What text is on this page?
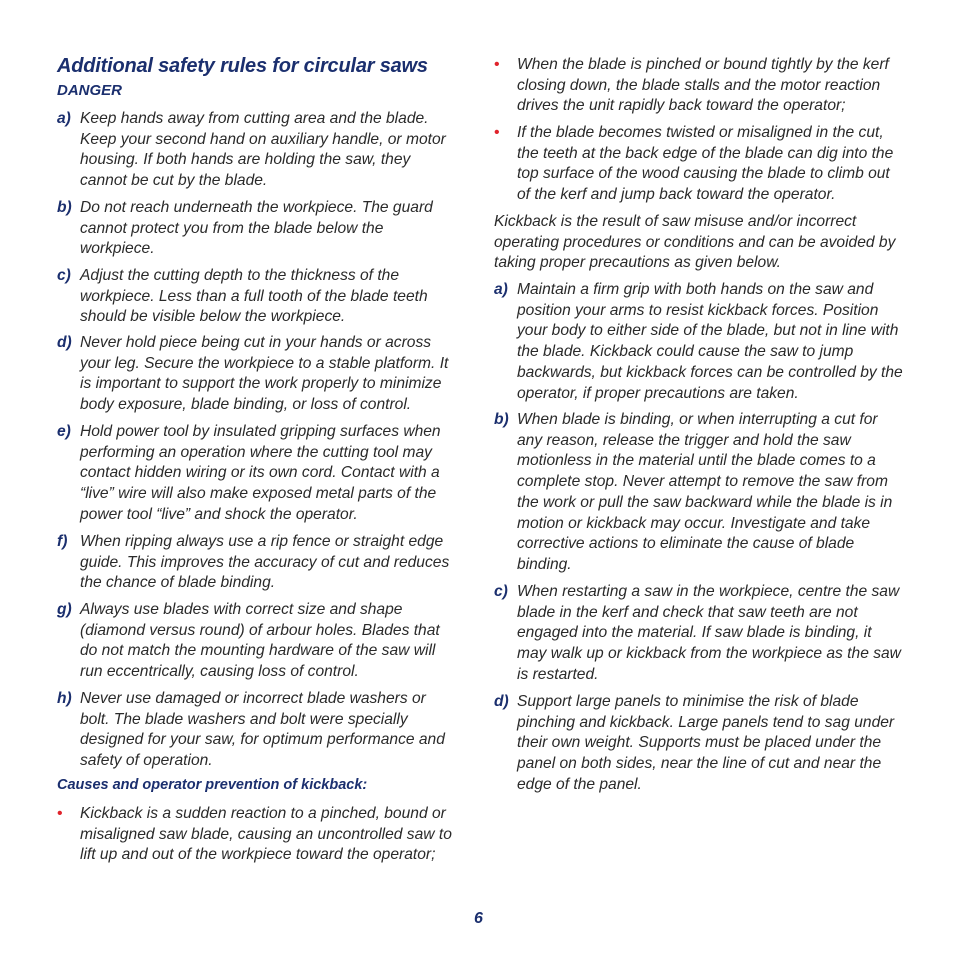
Additional safety rules for circular saws
DANGER
a) Keep hands away from cutting area and the blade. Keep your second hand on auxiliary handle, or motor housing. If both hands are holding the saw, they cannot be cut by the blade.
b) Do not reach underneath the workpiece. The guard cannot protect you from the blade below the workpiece.
c) Adjust the cutting depth to the thickness of the workpiece. Less than a full tooth of the blade teeth should be visible below the workpiece.
d) Never hold piece being cut in your hands or across your leg. Secure the workpiece to a stable platform. It is important to support the work properly to minimize body exposure, blade binding, or loss of control.
e) Hold power tool by insulated gripping surfaces when performing an operation where the cutting tool may contact hidden wiring or its own cord. Contact with a “live” wire will also make exposed metal parts of the power tool “live” and shock the operator.
f) When ripping always use a rip fence or straight edge guide. This improves the accuracy of cut and reduces the chance of blade binding.
g) Always use blades with correct size and shape (diamond versus round) of arbour holes. Blades that do not match the mounting hardware of the saw will run eccentrically, causing loss of control.
h) Never use damaged or incorrect blade washers or bolt. The blade washers and bolt were specially designed for your saw, for optimum performance and safety of operation.
• Kickback is a sudden reaction to a pinched, bound or misaligned saw blade, causing an uncontrolled saw to lift up and out of the workpiece toward the operator;
Causes and operator prevention of kickback:
• When the blade is pinched or bound tightly by the kerf closing down, the blade stalls and the motor reaction drives the unit rapidly back toward the operator;
• If the blade becomes twisted or misaligned in the cut, the teeth at the back edge of the blade can dig into the top surface of the wood causing the blade to climb out of the kerf and jump back toward the operator.
Kickback is the result of saw misuse and/or incorrect operating procedures or conditions and can be avoided by taking proper precautions as given below.
a) Maintain a firm grip with both hands on the saw and position your arms to resist kickback forces. Position your body to either side of the blade, but not in line with the blade. Kickback could cause the saw to jump backwards, but kickback forces can be controlled by the operator, if proper precautions are taken.
b) When blade is binding, or when interrupting a cut for any reason, release the trigger and hold the saw motionless in the material until the blade comes to a complete stop. Never attempt to remove the saw from the work or pull the saw backward while the blade is in motion or kickback may occur. Investigate and take corrective actions to eliminate the cause of blade binding.
c) When restarting a saw in the workpiece, centre the saw blade in the kerf and check that saw teeth are not engaged into the material. If saw blade is binding, it may walk up or kickback from the workpiece as the saw is restarted.
d) Support large panels to minimise the risk of blade pinching and kickback. Large panels tend to sag under their own weight. Supports must be placed under the panel on both sides, near the line of cut and near the edge of the panel.
6
